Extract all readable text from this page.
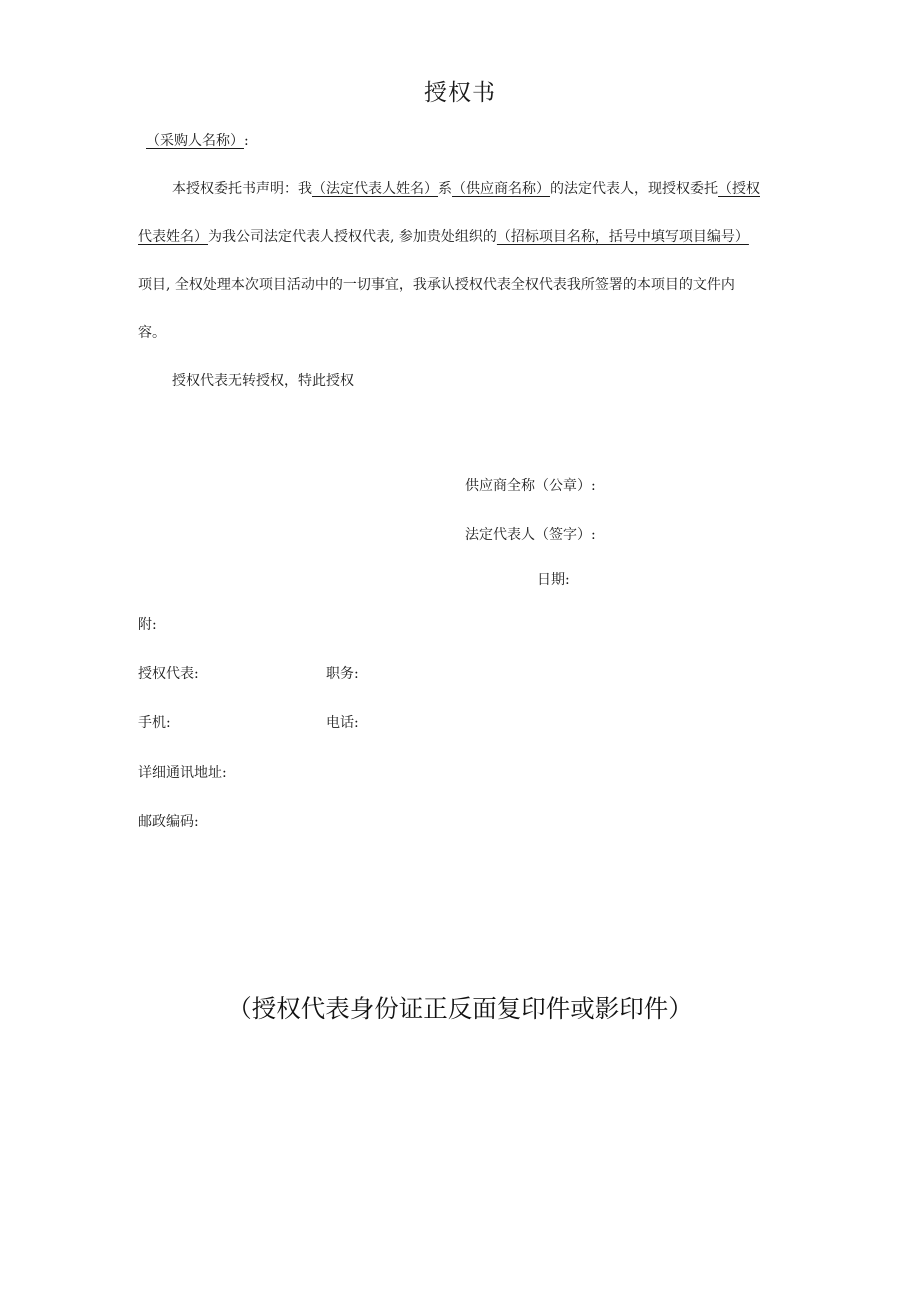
授权书
（采购人名称）:
本授权委托书声明：我（法定代表人姓名）系（供应商名称）的法定代表人，现授权委托（授权
代表姓名）为我公司法定代表人授权代表, 参加贵处组织的（招标项目名称，括号中填写项目编号）
项目, 全权处理本次项目活动中的一切事宜，我承认授权代表全权代表我所签署的本项目的文件内
容。
授权代表无转授权，特此授权
供应商全称（公章）:
法定代表人（签字）:
日期:
附:
授权代表:	职务:
手机:	电话:
详细通讯地址:
邮政编码:
（授权代表身份证正反面复印件或影印件）
